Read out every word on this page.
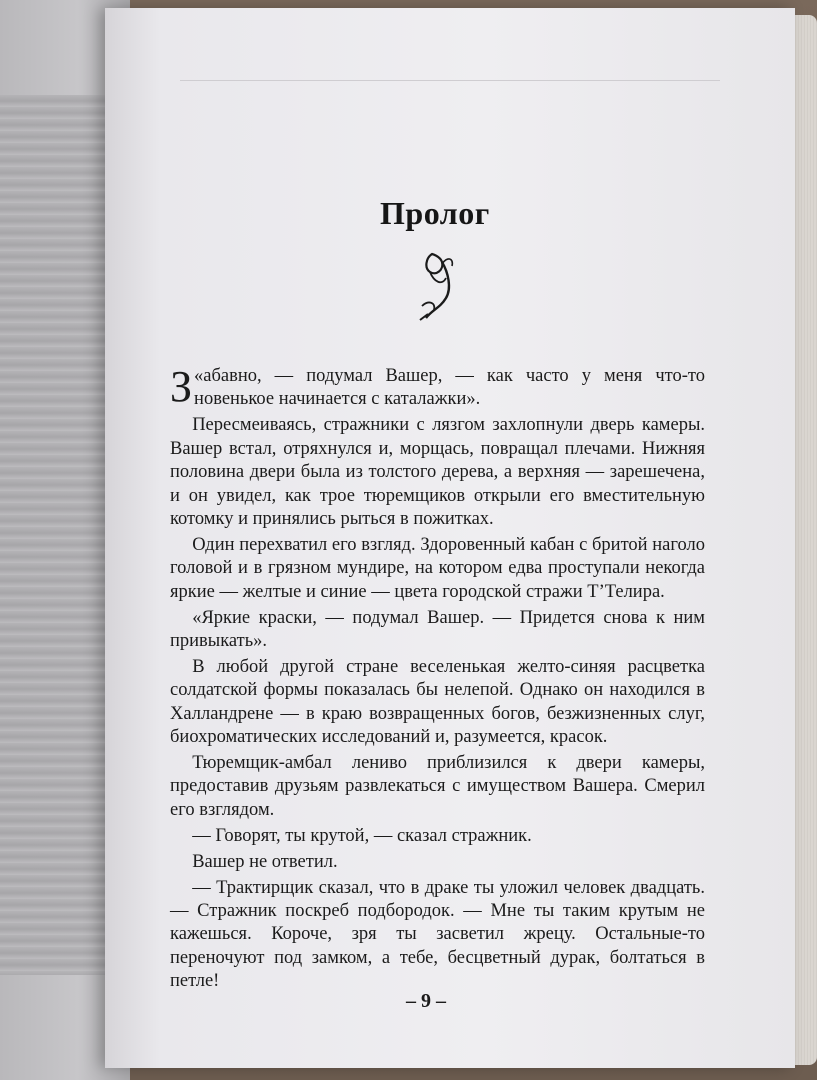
Пролог

«
З абавно, — подумал Вашер, — как часто у меня что-то новенькое начинается с каталажки».

Пересмеиваясь, стражники с лязгом захлопнули дверь камеры. Вашер встал, отряхнулся и, морщась, повращал плечами. Нижняя половина двери была из толстого дерева, а верхняя — зарешечена, и он увидел, как трое тюремщиков открыли его вместительную котомку и принялись рыться в пожитках.

Один перехватил его взгляд. Здоровенный кабан с бритой наголо головой и в грязном мундире, на котором едва проступали некогда яркие — желтые и синие — цвета городской стражи Т’Телира.

«Яркие краски, — подумал Вашер. — Придется снова к ним привыкать».

В любой другой стране веселенькая желто-синяя расцветка солдатской формы показалась бы нелепой. Однако он находился в Халландрене — в краю возвращенных богов, безжизненных слуг, биохроматических исследований и, разумеется, красок.

Тюремщик-амбал лениво приблизился к двери камеры, предоставив друзьям развлекаться с имуществом Вашера. Смерил его взглядом.

— Говорят, ты крутой, — сказал стражник.

Вашер не ответил.

— Трактирщик сказал, что в драке ты уложил человек двадцать. — Стражник поскреб подбородок. — Мне ты таким крутым не кажешься. Короче, зря ты засветил жрецу. Остальные-то переночуют под замком, а тебе, бесцветный дурак, болтаться в петле!

– 9 –
